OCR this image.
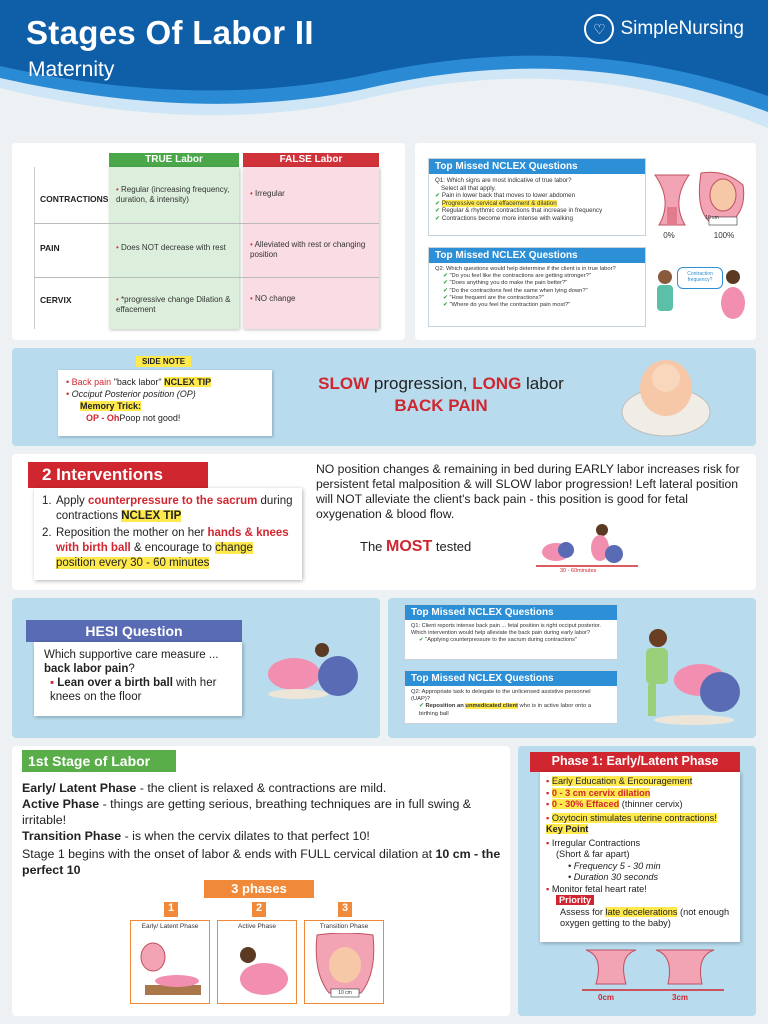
Stages Of Labor II
Maternity
♡ SimpleNursing
TRUE Labor	FALSE Labor
CONTRACTIONS
PAIN
CERVIX
• Regular (increasing frequency, duration, & intensity)
• Irregular
• Does NOT decrease with rest
•	Alleviated with rest or changing position
• *progressive change Dilation & effacement
• NO change
Top Missed NCLEX Questions
Q1: Which signs are most indicative of true labor?
Select all that apply.
✔ Pain in lower back that moves to lower abdomen
✔ Progressive cervical effacement & dilation
✔ Regular & rhythmic contractions that increase in frequency
✔ Contractions become more intense with walking	10 cm
0%	100%
Top Missed NCLEX Questions
Q2: Which questions would help determine if the client is in true labor?
✔ "Do you feel like the contractions are getting stronger?"
✔ "Does anything you do make the pain better?"
✔ "Do the contractions feel the same when lying down?"
✔ "How frequent are the contractions?"
✔ "Where do you feel the contraction pain most?"
Contraction frequency?
SIDE NOTE
• Back pain "back labor" NCLEX TIP
• Occiput Posterior position (OP)
Memory Trick:
OP - OhPoop not good!
SLOW progression, LONG labor
BACK PAIN
2 Interventions
1. Apply counterpressure to the sacrum during contractions NCLEX TIP
2. Reposition the mother on her hands & knees with birth ball & encourage to change position every 30 - 60 minutes
NO position changes & remaining in bed during EARLY labor increases risk for persistent fetal malposition & will SLOW labor progression! Left lateral position will NOT alleviate the client's back pain - this position is good for fetal oxygenation & blood flow.
The MOST tested
30 - 60minutes
HESI Question
Which supportive care measure ... back labor pain?
▪ Lean over a birth ball with her knees on the floor
Top Missed NCLEX Questions
Q1: Client reports intense back pain ... fetal position is right occiput posterior. Which intervention would help alleviate the back pain during early labor?
✔ "Applying counterpressure to the sacrum during contractions"
Top Missed NCLEX Questions
Q2: Appropriate task to delegate to the unlicensed assistive personnel (UAP)?
✔ Reposition an unmedicated client who is in active labor onto a birthing ball
1st Stage of Labor
Early/ Latent Phase - the client is relaxed & contractions are mild.
Active Phase - things are getting serious, breathing techniques are in full swing & irritable!
Transition Phase - is when the cervix dilates to that perfect 10!
Stage 1 begins with the onset of labor & ends with FULL cervical dilation at 10 cm - the perfect 10
3 phases
1	2	3
Early/ Latent Phase	Active Phase	Transition Phase
10 cm
Phase 1: Early/Latent Phase
▪ Early Education & Encouragement
▪ 0 - 3 cm cervix dilation
▪ 0 - 30% Effaced (thinner cervix)
▪ Oxytocin stimulates uterine contractions! Key Point
▪ Irregular Contractions
(Short & far apart)
• Frequency 5 - 30 min
• Duration 30 seconds
▪ Monitor fetal heart rate!
Priority
Assess for late decelerations (not enough oxygen getting to the baby)
0cm	3cm
